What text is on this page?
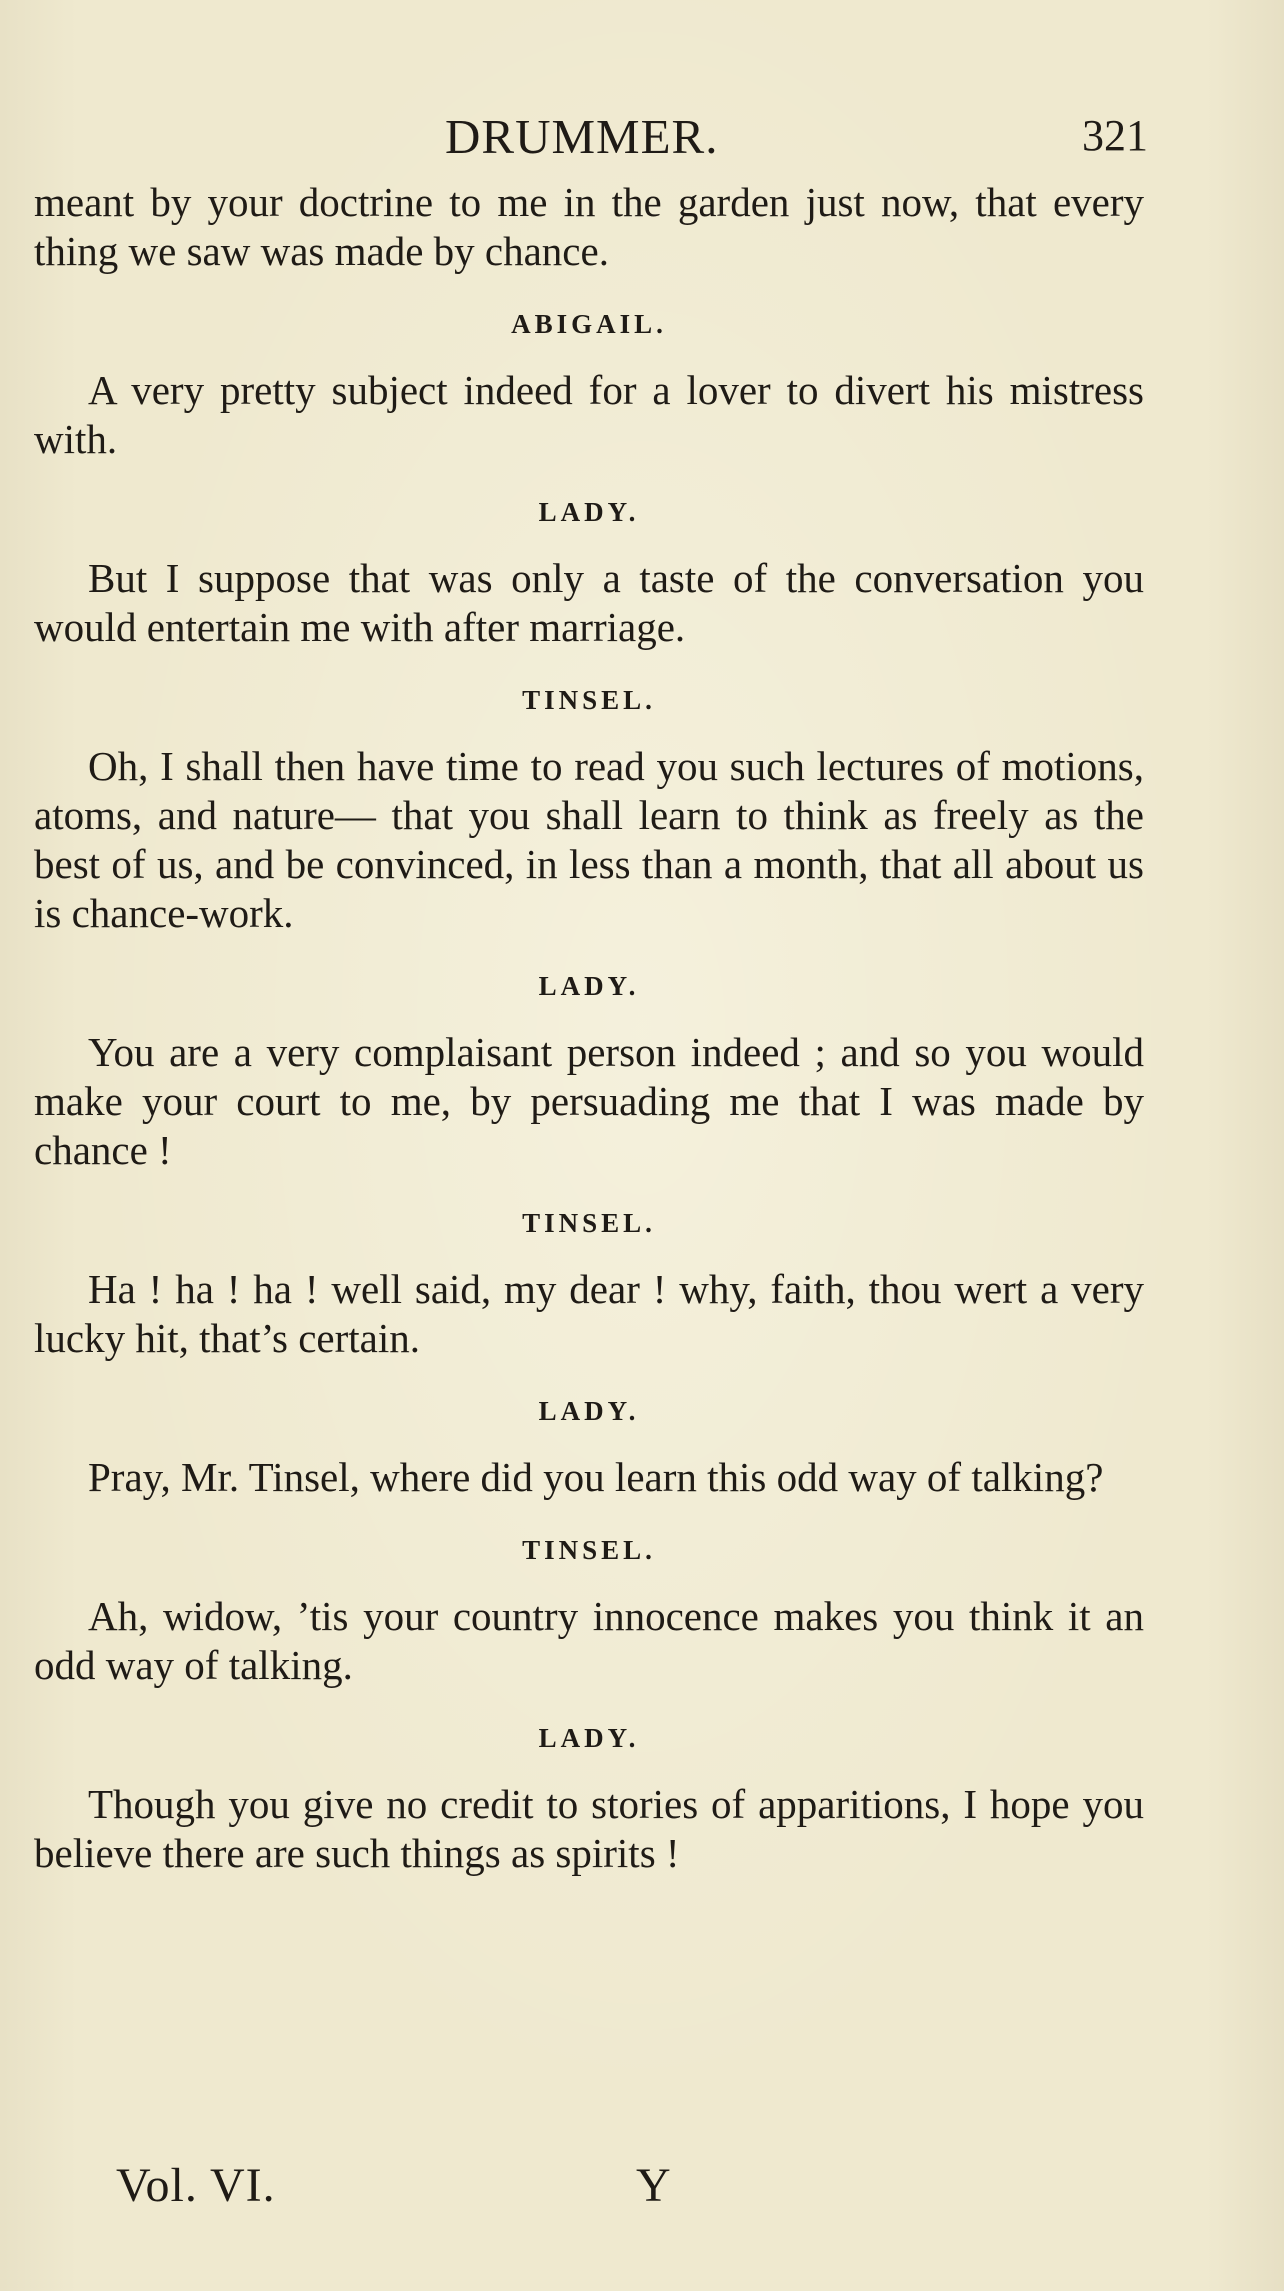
DRUMMER.	321

meant by your doctrine to me in the garden just now, that every thing we saw was made by chance.

ABIGAIL.

A very pretty subject indeed for a lover to divert his mistress with.

LADY.

But I suppose that was only a taste of the conversation you would entertain me with after marriage.

TINSEL.

Oh, I shall then have time to read you such lectures of motions, atoms, and nature— that you shall learn to think as freely as the best of us, and be convinced, in less than a month, that all about us is chance-work.

LADY.

You are a very complaisant person indeed ; and so you would make your court to me, by persuading me that I was made by chance !

TINSEL.

Ha ! ha ! ha ! well said, my dear ! why, faith, thou wert a very lucky hit, that’s certain.

LADY.

Pray, Mr. Tinsel, where did you learn this odd way of talking?

TINSEL.

Ah, widow, ’tis your country innocence makes you think it an odd way of talking.

LADY.

Though you give no credit to stories of apparitions, I hope you believe there are such things as spirits !

Vol. VI.	Y
